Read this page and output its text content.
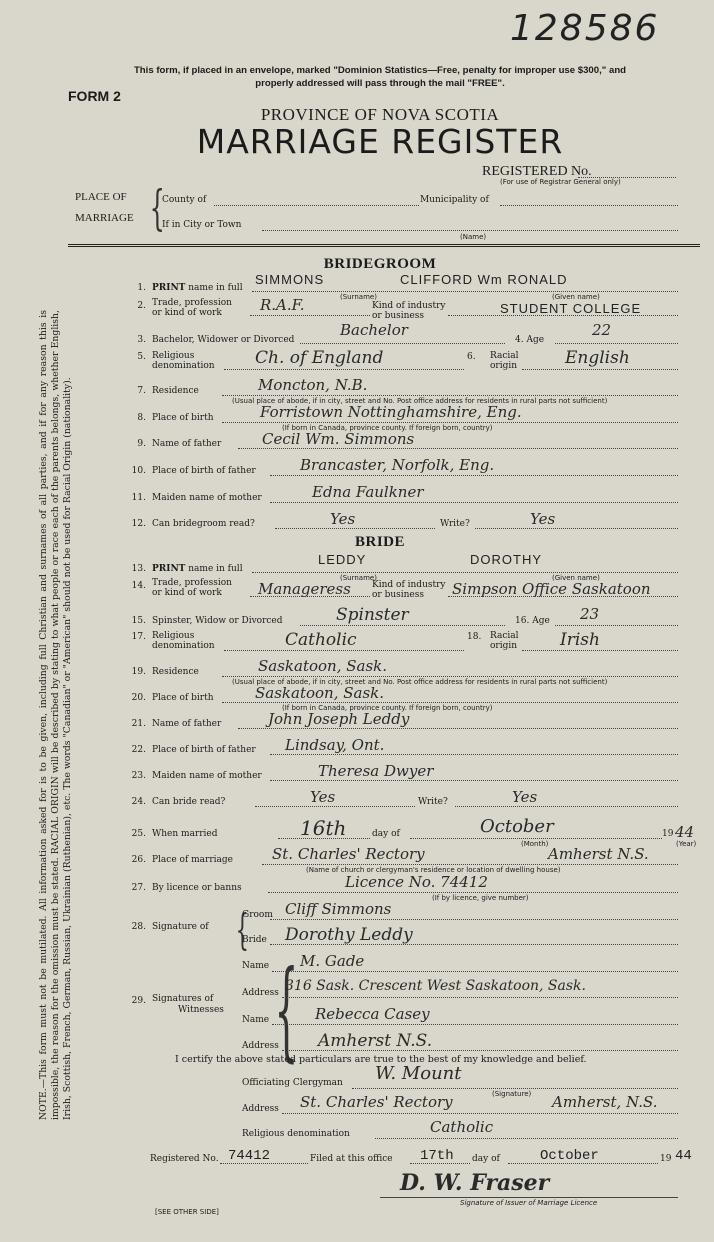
128586
This form, if placed in an envelope, marked "Dominion Statistics—Free, penalty for improper use $300," and
properly addressed will pass through the mail "FREE".
FORM 2
PROVINCE OF NOVA SCOTIA
MARRIAGE REGISTER
REGISTERED No.
(For use of Registrar General only)
PLACE OF
MARRIAGE {
County of	Municipality of
If in City or Town
(Name)
NOTE.—This form must not be mutilated. All information asked for is to be given, including full Christian and surnames of all parties, and if for any reason this is impossible, the reason for the omission must be stated. RACIAL ORIGIN will be described by stating to what people or race each of the parents belongs, whether English, Irish, Scottish, French, German, Russian, Ukrainian (Ruthenian), etc. The words "Canadian" or "American" should not be used for Racial Origin (nationality).
BRIDEGROOM
1. PRINT name in full
SIMMONS	CLIFFORD Wm RONALD
(Surname)	(Given name)
2. Trade, profession
or kind of work	R.A.F.	Kind of industry
or business	STUDENT COLLEGE
3. Bachelor, Widower or Divorced
Bachelor
4. Age
22
5. Religious
denomination Ch. of England	6. Racial
origin	English
7. Residence	Moncton, N.B.
(Usual place of abode, if in city, street and No. Post office address for residents in rural parts not sufficient)
8. Place of birth	Forristown Nottinghamshire, Eng.
(If born in Canada, province county. If foreign born, country)
9. Name of father	Cecil Wm. Simmons
10. Place of birth of father	Brancaster, Norfolk, Eng.
11. Maiden name of mother	Edna Faulkner
12. Can bridegroom read?	Yes	Write?	Yes
BRIDE
13. PRINT name in full
LEDDY	DOROTHY
(Surname)	(Given name)
14. Trade, profession
or kind of work	Manageress Kind of industry
or business	Simpson Office Saskatoon
15. Spinster, Widow or Divorced	Spinster	16. Age 23
17. Religious
denomination	Catholic	18. Racial
origin	Irish
19. Residence	Saskatoon, Sask.
(Usual place of abode, if in city, street and No. Post office address for residents in rural parts not sufficient)
20. Place of birth	Saskatoon, Sask.
(If born in Canada, province county. If foreign born, country)
21. Name of father	John Joseph Leddy
22. Place of birth of father Lindsay, Ont.
23. Maiden name of mother	Theresa Dwyer
24. Can bride read?	Yes	Write?	Yes
25. When married	16th	day of	October
(Month)
19 44
(Year)
26. Place of marriage	St. Charles' Rectory	Amherst N.S.
(Name of church or clergyman's residence or location of dwelling house)
27. By licence or banns	Licence No. 74412
(If by licence, give number)
28. Signature of {
Groom Cliff Simmons
Bride Dorothy Leddy
29. Signatures of
Witnesses {
Name M. Gade
Address 316 Sask. Crescent West Saskatoon, Sask.
Name	Rebecca Casey
Address Amherst N.S.
I certify the above stated particulars are true to the best of my knowledge and belief.
Officiating Clergyman W. Mount
(Signature)
Address St. Charles' Rectory	Amherst, N.S.
Religious denomination	Catholic
Registered No. 74412	Filed at this office 17th day of	October	19 44
D. W. Fraser
Signature of Issuer of Marriage Licence
[SEE OTHER SIDE]
